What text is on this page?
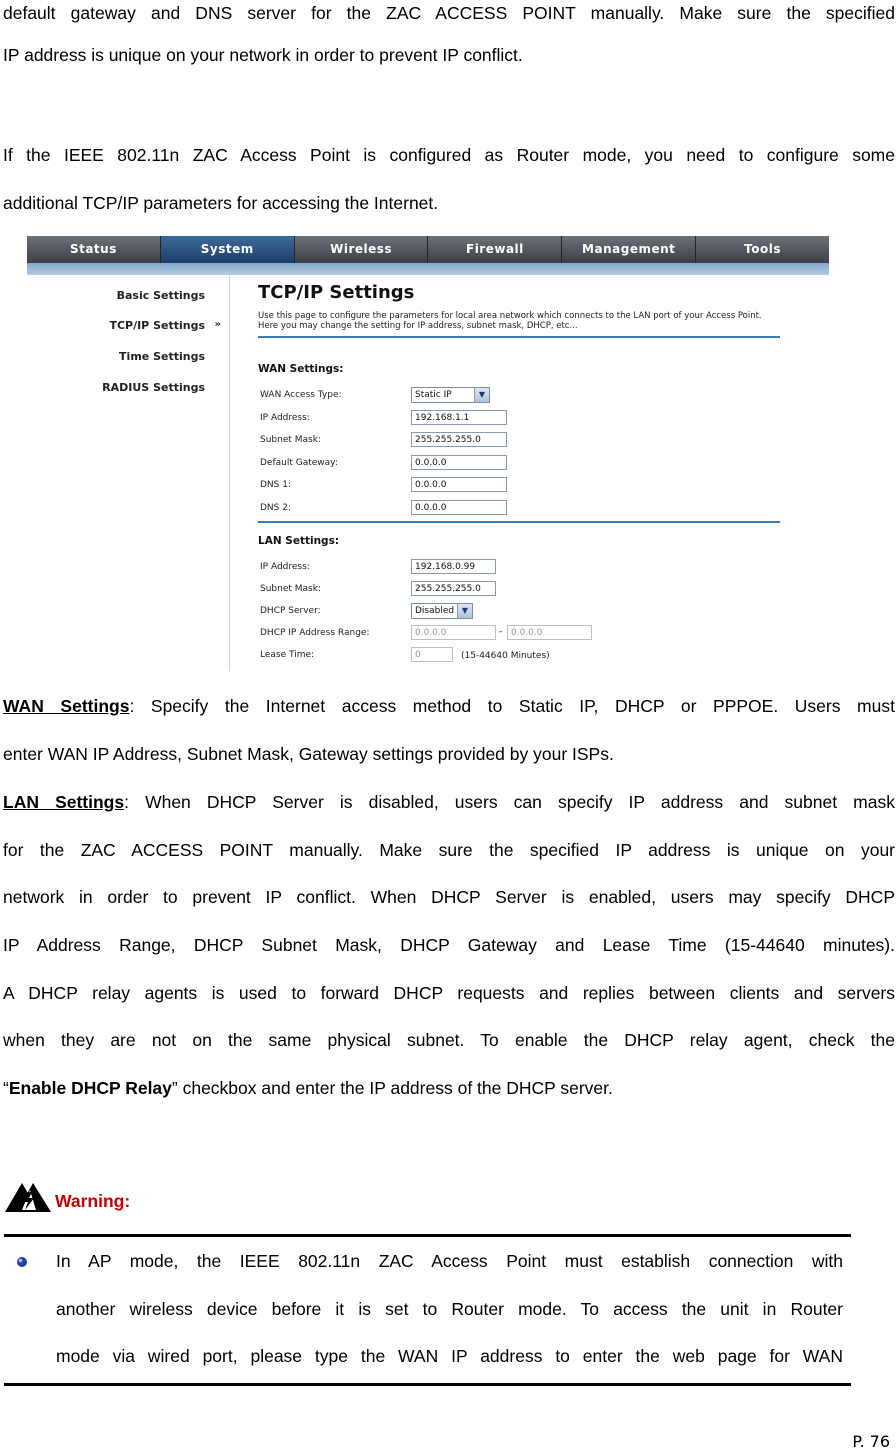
default gateway and DNS server for the ZAC ACCESS POINT manually. Make sure the specified

IP address is unique on your network in order to prevent IP conflict.

If the IEEE 802.11n ZAC Access Point is configured as Router mode, you need to configure some

additional TCP/IP parameters for accessing the Internet.

Status	System	Wireless	Firewall	Management	Tools
Basic Settings
TCP/IP Settings »
Time Settings
RADIUS Settings
TCP/IP Settings
Use this page to configure the parameters for local area network which connects to the LAN port of your Access Point. Here you may change the setting for IP address, subnet mask, DHCP, etc...
WAN Settings:
WAN Access Type:	Static IP	▼
IP Address:	192.168.1.1
Subnet Mask:	255.255.255.0
Default Gateway:	0.0.0.0
DNS 1:	0.0.0.0
DNS 2:	0.0.0.0
LAN Settings:
IP Address:	192.168.0.99
Subnet Mask:	255.255.255.0
DHCP Server:	Disabled ▼
DHCP IP Address Range:	0.0.0.0	- 0.0.0.0
Lease Time:	0	(15-44640 Minutes)

WAN Settings: Specify the Internet access method to Static IP, DHCP or PPPOE. Users must

enter WAN IP Address, Subnet Mask, Gateway settings provided by your ISPs.

LAN Settings: When DHCP Server is disabled, users can specify IP address and subnet mask

for the ZAC ACCESS POINT manually. Make sure the specified IP address is unique on your

network in order to prevent IP conflict. When DHCP Server is enabled, users may specify DHCP

IP Address Range, DHCP Subnet Mask, DHCP Gateway and Lease Time (15-44640 minutes).

A DHCP relay agents is used to forward DHCP requests and replies between clients and servers

when they are not on the same physical subnet. To enable the DHCP relay agent, check the

“Enable DHCP Relay” checkbox and enter the IP address of the DHCP server.

Warning:

In AP mode, the IEEE 802.11n ZAC Access Point must establish connection with

another wireless device before it is set to Router mode. To access the unit in Router

mode via wired port, please type the WAN IP address to enter the web page for WAN

P. 76
